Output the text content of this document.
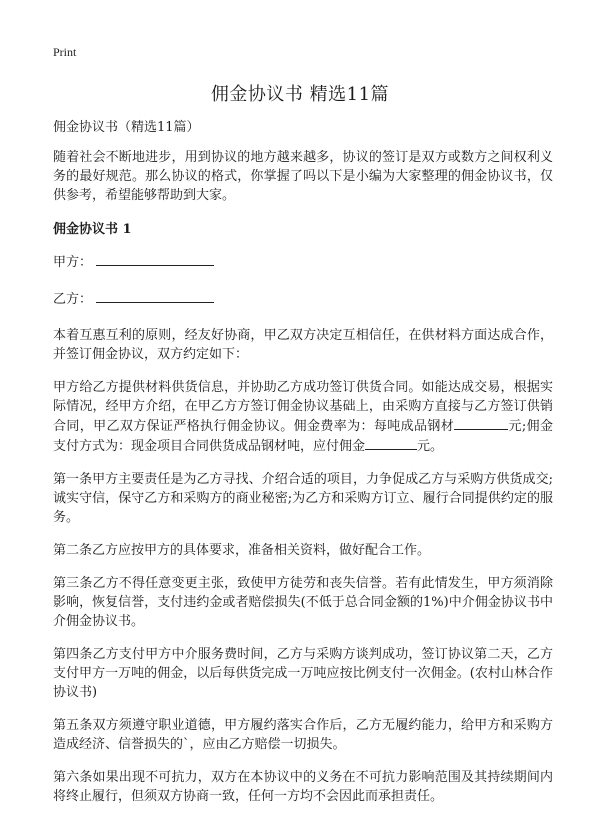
Print
佣金协议书 精选11篇

佣金协议书（精选11篇）

随着社会不断地进步，用到协议的地方越来越多，协议的签订是双方或数方之间权利义务的最好规范。那么协议的格式，你掌握了吗以下是小编为大家整理的佣金协议书，仅供参考，希望能够帮助到大家。

佣金协议书 1

甲方：

乙方：

本着互惠互利的原则，经友好协商，甲乙双方决定互相信任，在供材料方面达成合作，并签订佣金协议，双方约定如下：

甲方给乙方提供材料供货信息，并协助乙方成功签订供货合同。如能达成交易，根据实际情况，经甲方介绍，在甲乙方方签订佣金协议基础上，由采购方直接与乙方签订供销合同，甲乙双方保证严格执行佣金协议。佣金费率为：每吨成品钢材	元;佣金支付方式为：现金项目合同供货成品钢材吨，应付佣金	元。

第一条甲方主要责任是为乙方寻找、介绍合适的项目，力争促成乙方与采购方供货成交;诚实守信，保守乙方和采购方的商业秘密;为乙方和采购方订立、履行合同提供约定的服务。

第二条乙方应按甲方的具体要求，准备相关资料，做好配合工作。

第三条乙方不得任意变更主张，致使甲方徒劳和丧失信誉。若有此情发生，甲方须消除影响，恢复信誉，支付违约金或者赔偿损失(不低于总合同金额的1%)中介佣金协议书中介佣金协议书。

第四条乙方支付甲方中介服务费时间，乙方与采购方谈判成功，签订协议第二天，乙方支付甲方一万吨的佣金，以后每供货完成一万吨应按比例支付一次佣金。(农村山林合作协议书)

第五条双方须遵守职业道德，甲方履约落实合作后，乙方无履约能力，给甲方和采购方造成经济、信誉损失的`，应由乙方赔偿一切损失。

第六条如果出现不可抗力，双方在本协议中的义务在不可抗力影响范围及其持续期间内将终止履行，但须双方协商一致，任何一方均不会因此而承担责任。
